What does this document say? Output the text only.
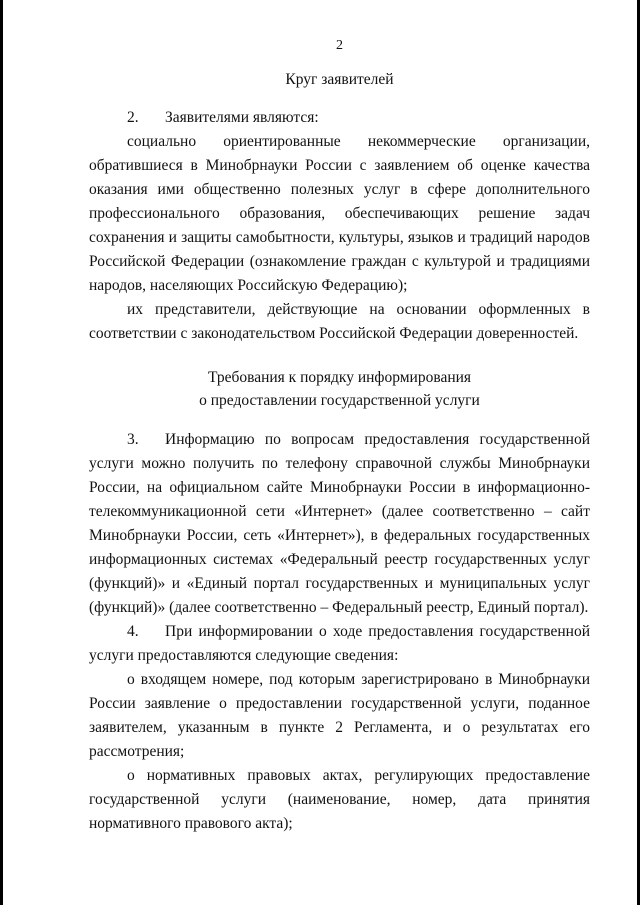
2
Круг заявителей

2. Заявителями являются:

социально ориентированные некоммерческие организации, обратившиеся в Минобрнауки России с заявлением об оценке качества оказания ими общественно полезных услуг в сфере дополнительного профессионального образования, обеспечивающих решение задач сохранения и защиты самобытности, культуры, языков и традиций народов Российской Федерации (ознакомление граждан с культурой и традициями народов, населяющих Российскую Федерацию);

их представители, действующие на основании оформленных в соответствии с законодательством Российской Федерации доверенностей.

Требования к порядку информирования
о предоставлении государственной услуги

3. Информацию по вопросам предоставления государственной услуги можно получить по телефону справочной службы Минобрнауки России, на официальном сайте Минобрнауки России в информационно-телекоммуникационной сети «Интернет» (далее соответственно – сайт Минобрнауки России, сеть «Интернет»), в федеральных государственных информационных системах «Федеральный реестр государственных услуг (функций)» и «Единый портал государственных и муниципальных услуг (функций)» (далее соответственно – Федеральный реестр, Единый портал).

4. При информировании о ходе предоставления государственной услуги предоставляются следующие сведения:

о входящем номере, под которым зарегистрировано в Минобрнауки России заявление о предоставлении государственной услуги, поданное заявителем, указанным в пункте 2 Регламента, и о результатах его рассмотрения;

о нормативных правовых актах, регулирующих предоставление государственной услуги (наименование, номер, дата принятия нормативного правового акта);
